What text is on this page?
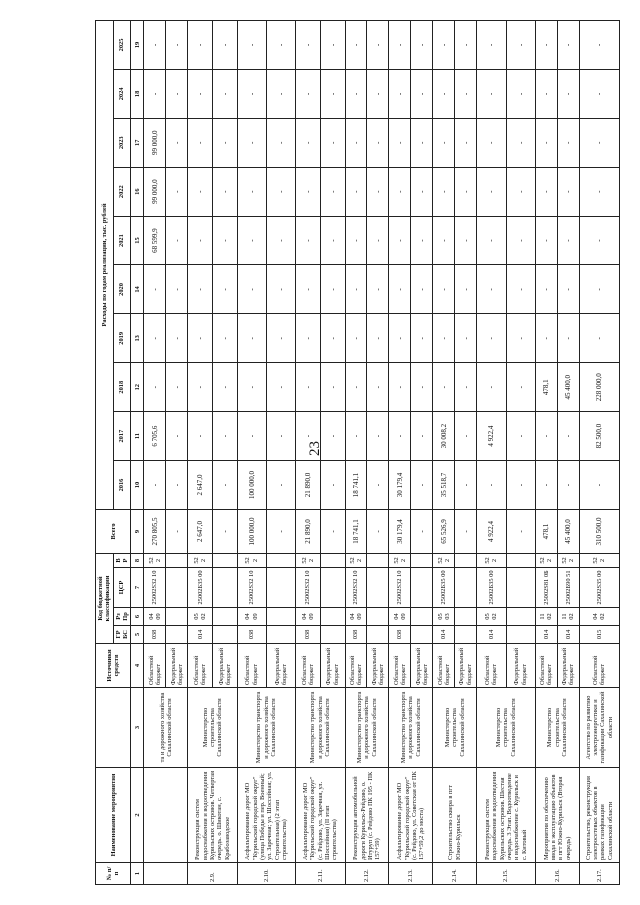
23
№ п/п	Наименование мероприятия		Источники средств	Код бюджетной классификации				Всего	Расходы по годам реализации, тыс. рублей									
				ГР БС	Рз Пр	ЦСР	В Р		2016	2017	2018	2019	2020	2021	2022	2023	2024	2025
1	2	3	4	5	6	7	8	9	10	11	12	13	14	15	16	17	18	19
		та и дорожного хозяйства Сахалинской области	Областной бюджет	038	04 09	25002S32 10	52 2	270 805,5	-	6 705,6	-	-	-	68 599,9	99 000,0	99 000,0	-	-
			Федеральный бюджет					-	-	-	-	-	-	-	-	-	-	-
2.9.	Реконструкция систем водоснабжения и водоотведения Курильских островов. Четвертая очередь. о. Шикотан, с. Крабозаводское	Министерство строительства Сахалинской области	Областной бюджет	014	05 02	25002Б35 00	52 2	2 647,0	2 647,0	-	-	-	-	-	-	-	-	-
			Федеральный бюджет					-	-	-	-	-	-	-	-	-	-	-
2.10.	Асфальтирование дорог МО "Курильский городской округ" (улица Победы и пер. Военный; ул. Заречная; ул. Шоссейная; ул. Строительная) (2 этап строительства)	Министерство транспорта и дорожного хозяйства Сахалинской области	Областной бюджет	038	04 09	25002S32 10	52 2	100 000,0	100 000,0	-	-	-	-	-	-	-	-	-
			Федеральный бюджет					-	-	-	-	-	-	-	-	-	-	-
2.11.	Асфальтирование дорог МО "Курильский городской округ" (с. Рейдово, ул. Заречная, ул. Шоссейная) (II этап строительства)	Министерство транспорта и дорожного хозяйства Сахалинской области	Областной бюджет	038	04 09	25002S32 10	52 2	21 890,0	21 890,0	-	-	-	-	-	-	-	-	-
			Федеральный бюджет					-	-	-	-	-	-	-	-	-	-	-
2.12.	Реконструкция автомобильной дороги Курильск-Рейдово, о. Итуруп (с. Рейдово ПК 195 - ПК 157+59)	Министерство транспорта и дорожного хозяйства Сахалинской области	Областной бюджет	038	04 09	25002S32 10	52 2	18 741,1	18 741,1	-	-	-	-	-	-	-	-	-
			Федеральный бюджет					-	-	-	-	-	-	-	-	-	-	-
2.13.	Асфальтирование дорог МО "Курильский городской округ" (с. Рейдово, ул. Советская от ПК 157+59,2 до моста)	Министерство транспорта и дорожного хозяйства Сахалинской области	Областной бюджет	038	04 09	25002S32 10	52 2	30 179,4	30 179,4	-	-	-	-	-	-	-	-	-
			Федеральный бюджет					-	-	-	-	-	-	-	-	-	-	-
2.14.	Строительство сквера в пгт Южно-Курильск	Министерство строительства Сахалинской области	Областной бюджет	014	05 03	25002Б35 00	52 2	65 526,9	35 518,7	30 008,2	-	-	-	-	-	-	-	-
			Федеральный бюджет					-	-	-	-	-	-	-	-	-	-	-
2.15.	Реконструкция систем водоснабжения и водоотведения Курильских островов. Шестая очередь. 3 Этап. Водоотведение и водоснабжение с. Курильск и с. Китовый	Министерство строительства Сахалинской области	Областной бюджет	014	05 02	25002Б35 00	52 2	4 922,4	-	4 922,4	-	-	-	-	-	-	-	-
			Федеральный бюджет					-	-	-	-	-	-	-	-	-	-	-
2.16.	Мероприятия по обеспечению ввода в эксплуатацию объектов в пгт Южно-Курильск (Вторая очередь)	Министерство строительства Сахалинской области	Областной бюджет	014	11 02	25002S81 0Б	52 2	478,1	-	-	478,1	-	-	-	-	-	-	-
			Федеральный бюджет	014	11 02	25002Б90 51	52 2	45 400,0	-	-	45 400,0	-	-	-	-	-	-	-
2.17.	Строительство, реконструкция электросетевых объектов в рамках газификации Сахалинской области	Агентство по развитию электроэнергетики и газификации Сахалинской области	Областной бюджет	015	04 02	25002S35 00	52 2	310 500,0	-	82 500,0	228 000,0	-	-	-	-	-	-	-
